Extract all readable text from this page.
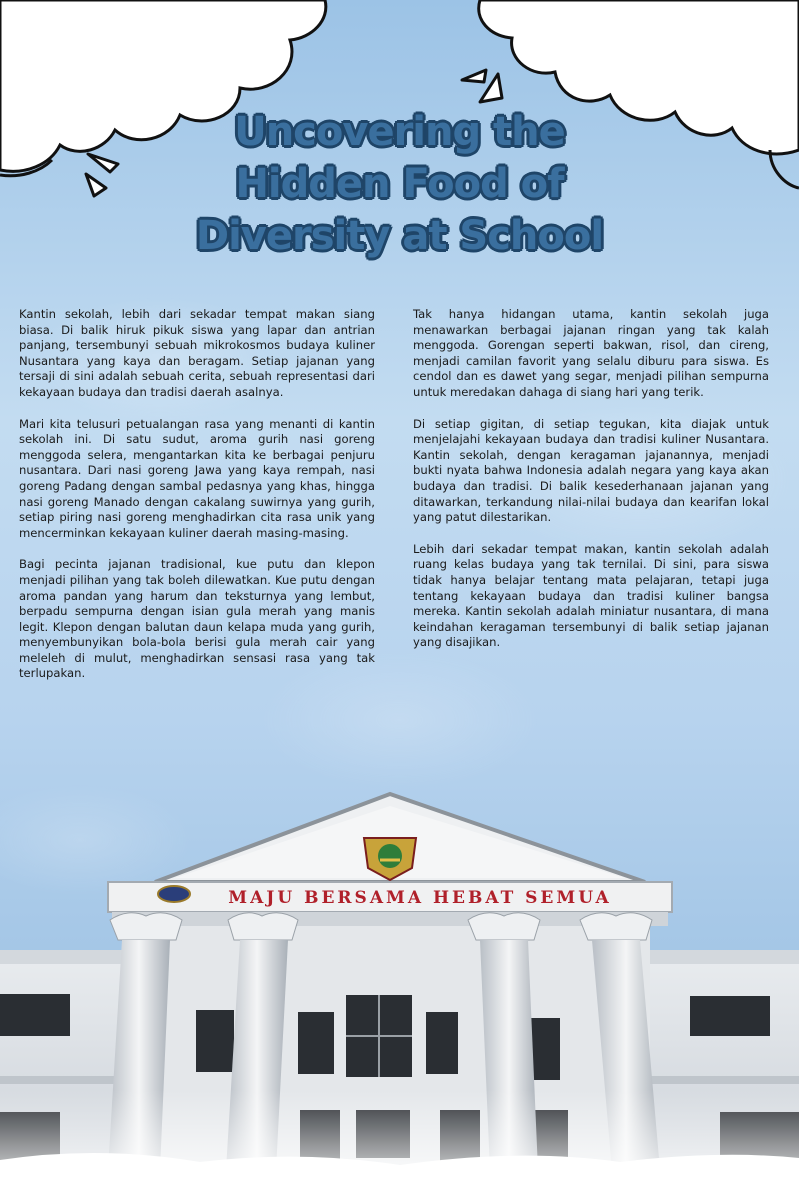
Uncovering the
Hidden Food of
Diversity at School

Kantin sekolah, lebih dari sekadar tempat makan siang biasa. Di balik hiruk pikuk siswa yang lapar dan antrian panjang, tersembunyi sebuah mikrokosmos budaya kuliner Nusantara yang kaya dan beragam. Setiap jajanan yang tersaji di sini adalah sebuah cerita, sebuah representasi dari kekayaan budaya dan tradisi daerah asalnya.

Mari kita telusuri petualangan rasa yang menanti di kantin sekolah ini. Di satu sudut, aroma gurih nasi goreng menggoda selera, mengantarkan kita ke berbagai penjuru nusantara. Dari nasi goreng Jawa yang kaya rempah, nasi goreng Padang dengan sambal pedasnya yang khas, hingga nasi goreng Manado dengan cakalang suwirnya yang gurih, setiap piring nasi goreng menghadirkan cita rasa unik yang mencerminkan kekayaan kuliner daerah masing-masing.

Bagi pecinta jajanan tradisional, kue putu dan klepon menjadi pilihan yang tak boleh dilewatkan. Kue putu dengan aroma pandan yang harum dan teksturnya yang lembut, berpadu sempurna dengan isian gula merah yang manis legit. Klepon dengan balutan daun kelapa muda yang gurih, menyembunyikan bola-bola berisi gula merah cair yang meleleh di mulut, menghadirkan sensasi rasa yang tak terlupakan.

Tak hanya hidangan utama, kantin sekolah juga menawarkan berbagai jajanan ringan yang tak kalah menggoda. Gorengan seperti bakwan, risol, dan cireng, menjadi camilan favorit yang selalu diburu para siswa. Es cendol dan es dawet yang segar, menjadi pilihan sempurna untuk meredakan dahaga di siang hari yang terik.

Di setiap gigitan, di setiap tegukan, kita diajak untuk menjelajahi kekayaan budaya dan tradisi kuliner Nusantara. Kantin sekolah, dengan keragaman jajanannya, menjadi bukti nyata bahwa Indonesia adalah negara yang kaya akan budaya dan tradisi. Di balik kesederhanaan jajanan yang ditawarkan, terkandung nilai-nilai budaya dan kearifan lokal yang patut dilestarikan.

Lebih dari sekadar tempat makan, kantin sekolah adalah ruang kelas budaya yang tak ternilai. Di sini, para siswa tidak hanya belajar tentang mata pelajaran, tetapi juga tentang kekayaan budaya dan tradisi kuliner bangsa mereka. Kantin sekolah adalah miniatur nusantara, di mana keindahan keragaman tersembunyi di balik setiap jajanan yang disajikan.

MAJU BERSAMA HEBAT SEMUA
